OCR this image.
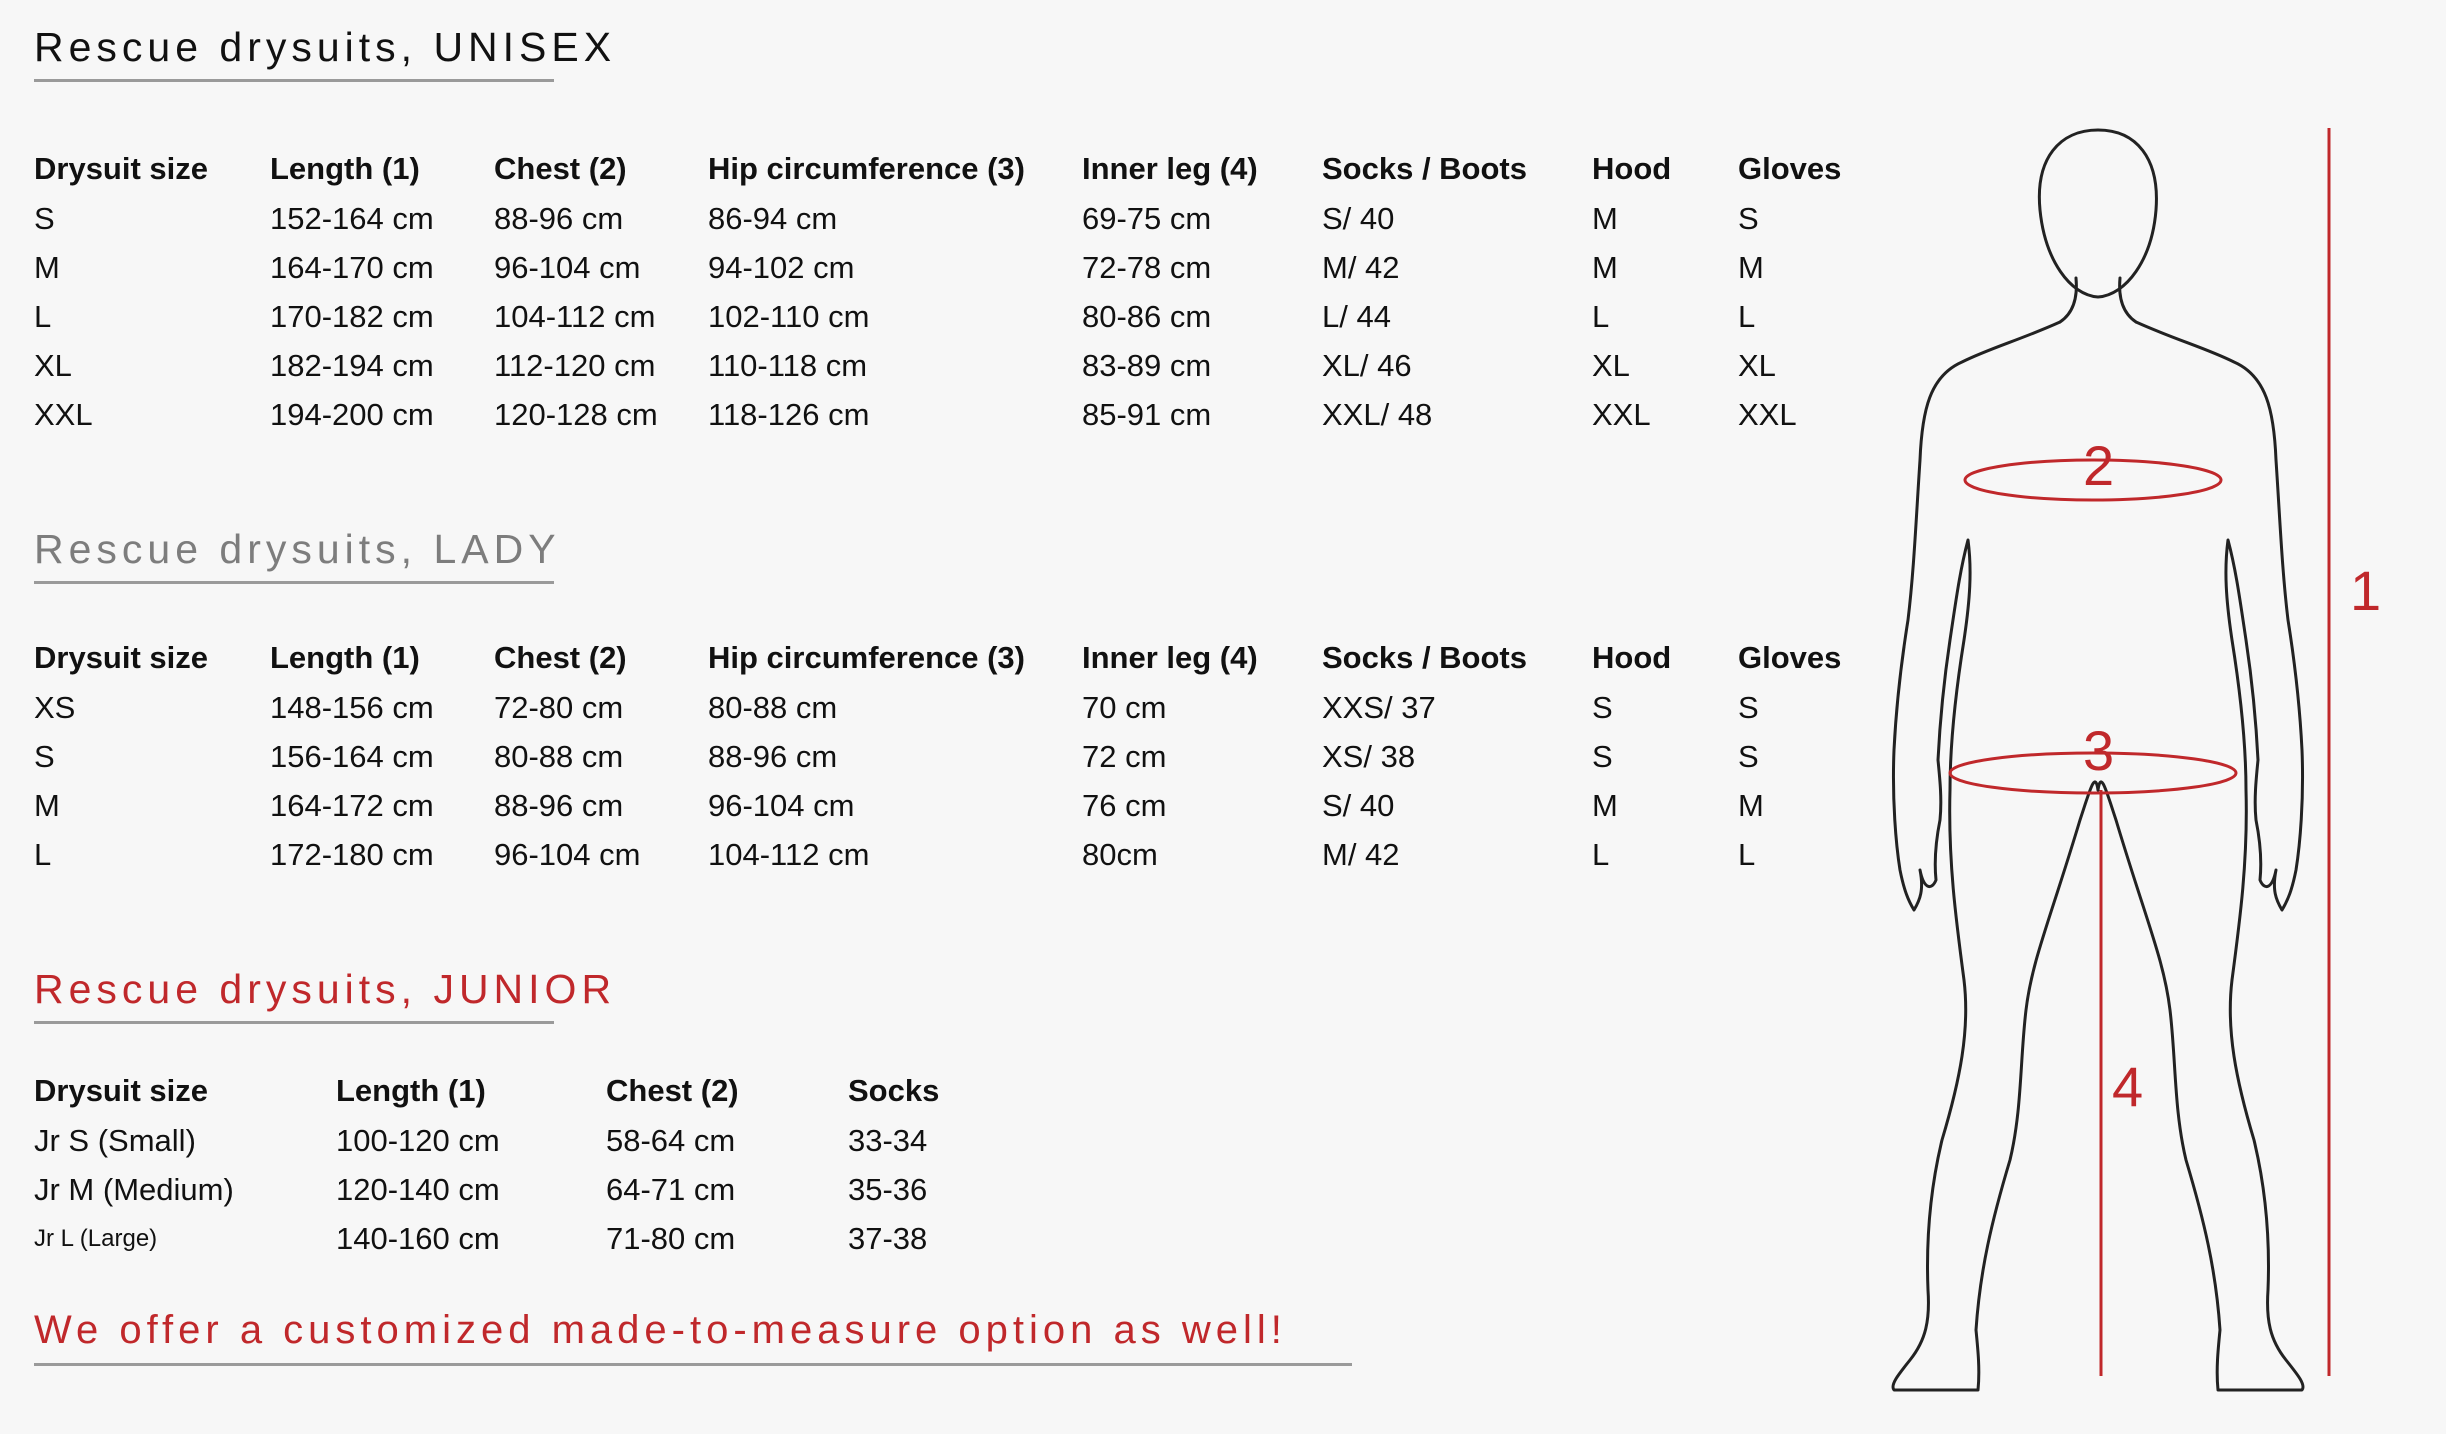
Rescue drysuits, UNISEX
Drysuit size	Length (1)	Chest (2)	Hip circumference (3)	Inner leg (4)	Socks / Boots	Hood	Gloves
S	152-164 cm	88-96 cm	86-94 cm	69-75 cm	S/ 40	M	S
M	164-170 cm	96-104 cm	94-102 cm	72-78 cm	M/ 42	M	M
L	170-182 cm	104-112 cm	102-110 cm	80-86 cm	L/ 44	L	L
XL	182-194 cm	112-120 cm	110-118 cm	83-89 cm	XL/ 46	XL	XL
XXL	194-200 cm	120-128 cm	118-126 cm	85-91 cm	XXL/ 48	XXL	XXL
Rescue drysuits, LADY
Drysuit size	Length (1)	Chest (2)	Hip circumference (3)	Inner leg (4)	Socks / Boots	Hood	Gloves
XS	148-156 cm	72-80 cm	80-88 cm	70 cm	XXS/ 37	S	S
S	156-164 cm	80-88 cm	88-96 cm	72 cm	XS/ 38	S	S
M	164-172 cm	88-96 cm	96-104 cm	76 cm	S/ 40	M	M
L	172-180 cm	96-104 cm	104-112 cm	80cm	M/ 42	L	L
Rescue drysuits, JUNIOR
Drysuit size	Length (1)	Chest (2)	Socks
Jr S (Small)	100-120 cm	58-64 cm	33-34
Jr M (Medium)	120-140 cm	64-71 cm	35-36
Jr L (Large)	140-160 cm	71-80 cm	37-38
We offer a customized made-to-measure option as well!
2
3
4
1
